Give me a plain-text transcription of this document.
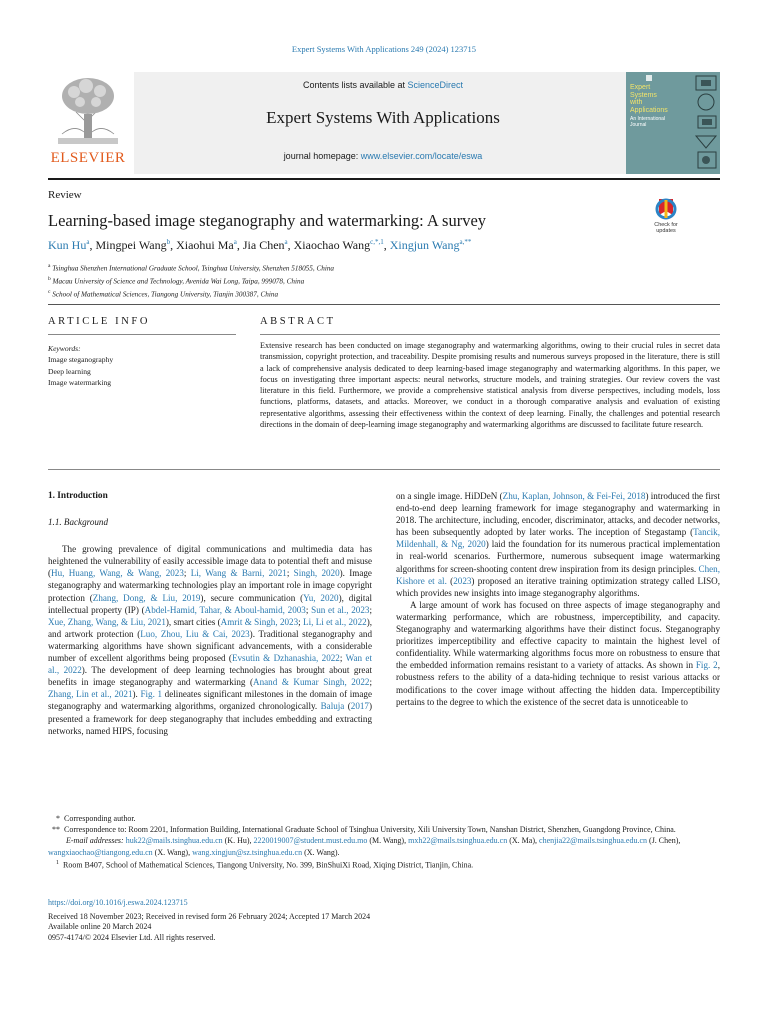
Expert Systems With Applications 249 (2024) 123715
ELSEVIER
Contents lists available at ScienceDirect
Expert Systems With Applications
journal homepage: www.elsevier.com/locate/eswa
Expert
Systems
with
Applications
An International
Journal
Review
Learning-based image steganography and watermarking: A survey	Check for
updates
Kun Hu$^a$, Mingpei Wang$^b$, Xiaohui Ma$^a$, Jia Chen$^a$, Xiaochao Wang$^{c,*,1}$, Xingjun Wang$^{a,**}$
$^a$ Tsinghua Shenzhen International Graduate School, Tsinghua University, Shenzhen 518055, China
$^b$ Macau University of Science and Technology, Avenida Wai Long, Taipa, 999078, China
$^c$ School of Mathematical Sciences, Tiangong University, Tianjin 300387, China
ARTICLE INFO	ABSTRACT
Keywords:
Image steganography
Deep learning
Image watermarking
Extensive research has been conducted on image steganography and watermarking algorithms, owing to their crucial rules in secret data transmission, copyright protection, and traceability. Despite promising results and numerous surveys proposed in the literature, there is still a lack of comprehensive analysis dedicated to deep learning-based image steganography and watermarking algorithms. In this paper, we focus on investigating three important aspects: neural networks, structure models, and training strategies. Our review covers the vast literature in this field. Furthermore, we provide a comprehensive statistical analysis from diverse perspectives, including models, loss functions, platforms, datasets, and attacks. Moreover, we conduct in a thorough comparative analysis and evaluation of existing representative algorithms, assessing their effectiveness within the context of deep learning. Finally, the challenges and potential research directions in the domain of deep-learning image steganography and watermarking algorithms are discussed to facilitate future research.
1. Introduction
1.1. Background

The growing prevalence of digital communications and multimedia data has heightened the vulnerability of easily accessible image data to potential theft and misuse (Hu, Huang, Wang, & Wang, 2023; Li, Wang & Barni, 2021; Singh, 2020). Image steganography and watermarking technologies play an important role in image copyright protection (Zhang, Dong, & Liu, 2019), secure communication (Yu, 2020), digital intellectual property (IP) (Abdel-Hamid, Tahar, & Aboul-hamid, 2003; Sun et al., 2023; Xue, Zhang, Wang, & Liu, 2021), smart cities (Amrit & Singh, 2023; Li, Li et al., 2022), and artwork protection (Luo, Zhou, Liu & Cai, 2023). Traditional steganography and watermarking algorithms have shown significant advancements, with a considerable number of excellent algorithms being proposed (Evsutin & Dzhanashia, 2022; Wan et al., 2022). The development of deep learning technologies has brought about great benefits in image steganography and watermarking (Anand & Kumar Singh, 2022; Zhang, Lin et al., 2021). Fig. 1 delineates significant milestones in the domain of image steganography and watermarking algorithms, organized chronologically. Baluja (2017) presented a framework for deep steganography that includes embedding and extracting networks, named HIPS, focusing

on a single image. HiDDeN (Zhu, Kaplan, Johnson, & Fei-Fei, 2018) introduced the first end-to-end deep learning framework for image steganography and watermarking in 2018. The architecture, including, encoder, discriminator, attacks, and decoder networks, has been subsequently adopted by later works. The inception of Stegastamp (Tancik, Mildenhall, & Ng, 2020) laid the foundation for its numerous practical implementation in real-world scenarios. Furthermore, numerous subsequent image watermarking algorithms for screen-shooting content drew inspiration from its design principles. Chen, Kishore et al. (2023) proposed an iterative training optimization strategy called LISO, which provides new insights into image steganography algorithms.

A large amount of work has focused on three aspects of image steganography and watermarking performance, which are robustness, imperceptibility, and capacity. Steganography and watermarking algorithms have their distinct focus. Steganography prioritizes imperceptibility and effective capacity to maintain the highest level of confidentiality. While watermarking algorithms focus more on robustness to ensure that the embedded information remains resistant to a variety of attacks. As shown in Fig. 2, robustness refers to the ability of a data-hiding technique to resist various attacks or modifications to the cover image without affecting the hidden data. Imperceptibility pertains to the degree to which the existence of the secret data is unnoticeable to

* Corresponding author.

** Correspondence to: Room 2201, Information Building, International Graduate School of Tsinghua University, Xili University Town, Nanshan District, Shenzhen, Guangdong Province, China.

E-mail addresses: huk22@mails.tsinghua.edu.cn (K. Hu), 2220019007@student.must.edu.mo (M. Wang), mxh22@mails.tsinghua.edu.cn (X. Ma), chenjia22@mails.tsinghua.edu.cn (J. Chen), wangxiaochao@tiangong.edu.cn (X. Wang), wang.xingjun@sz.tsinghua.edu.cn (X. Wang).

$^1$ Room B407, School of Mathematical Sciences, Tiangong University, No. 399, BinShuiXi Road, Xiqing District, Tianjin, China.

https://doi.org/10.1016/j.eswa.2024.123715

Received 18 November 2023; Received in revised form 26 February 2024; Accepted 17 March 2024

Available online 20 March 2024

0957-4174/© 2024 Elsevier Ltd. All rights reserved.
